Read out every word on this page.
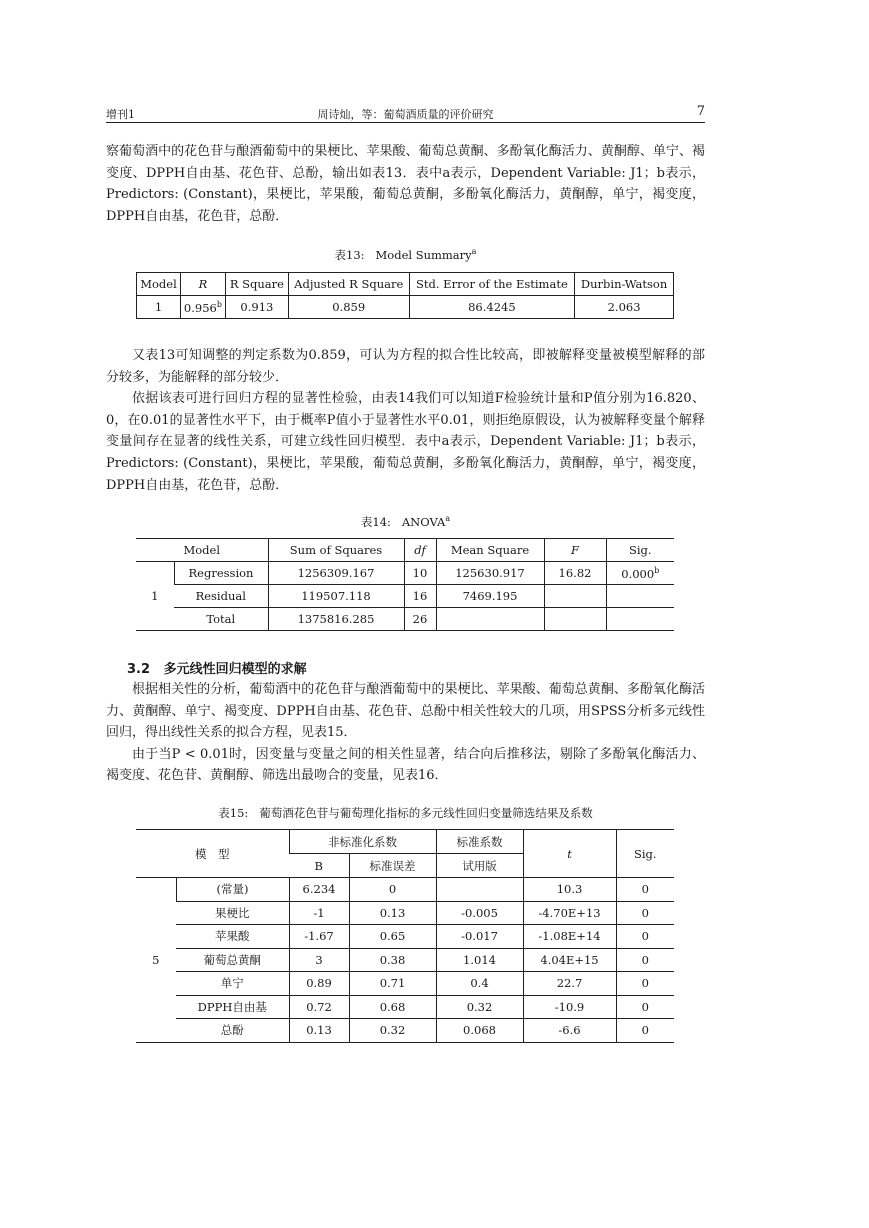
增刊1	周诗灿，等：葡萄酒质量的评价研究	7

察葡萄酒中的花色苷与酿酒葡萄中的果梗比、苹果酸、葡萄总黄酮、多酚氧化酶活力、黄酮醇、单宁、褐变度、DPPH自由基、花色苷、总酚，输出如表13．表中a表示，Dependent Variable: J1；b表示，Predictors: (Constant)，果梗比，苹果酸，葡萄总黄酮，多酚氧化酶活力，黄酮醇，单宁，褐变度，DPPH自由基，花色苷，总酚．

表13: Model Summary$^a$
Model	R	R Square	Adjusted R Square	Std. Error of the Estimate	Durbin-Watson
1	0.956$^b$	0.913	0.859	86.4245	2.063

又表13可知调整的判定系数为0.859，可认为方程的拟合性比较高，即被解释变量被模型解释的部分较多，为能解释的部分较少．

依据该表可进行回归方程的显著性检验，由表14我们可以知道F检验统计量和P值分别为16.820、0，在0.01的显著性水平下，由于概率P值小于显著性水平0.01，则拒绝原假设，认为被解释变量个解释变量间存在显著的线性关系，可建立线性回归模型．表中a表示，Dependent Variable: J1；b表示，Predictors: (Constant)，果梗比，苹果酸，葡萄总黄酮，多酚氧化酶活力，黄酮醇，单宁，褐变度，DPPH自由基，花色苷，总酚．

表14: ANOVA$^a$
Model		Sum of Squares	df	Mean Square	F	Sig.
1	Regression	1256309.167	10	125630.917	16.82	0.000$^b$
	Residual	119507.118	16	7469.195		
	Total	1375816.285	26			
3.2 多元线性回归模型的求解

根据相关性的分析，葡萄酒中的花色苷与酿酒葡萄中的果梗比、苹果酸、葡萄总黄酮、多酚氧化酶活力、黄酮醇、单宁、褐变度、DPPH自由基、花色苷、总酚中相关性较大的几项，用SPSS分析多元线性回归，得出线性关系的拟合方程，见表15．

由于当P < 0.01时，因变量与变量之间的相关性显著，结合向后推移法，剔除了多酚氧化酶活力、褐变度、花色苷、黄酮醇、筛选出最吻合的变量，见表16．

表15: 葡萄酒花色苷与葡萄理化指标的多元线性回归变量筛选结果及系数
模　型		非标准化系数		标准系数	t	Sig.
		B	标准误差	试用版		
5	(常量)	6.234	0		10.3	0
	果梗比	-1	0.13	-0.005	-4.70E+13	0
	苹果酸	-1.67	0.65	-0.017	-1.08E+14	0
	葡萄总黄酮	3	0.38	1.014	4.04E+15	0
	单宁	0.89	0.71	0.4	22.7	0
	DPPH自由基	0.72	0.68	0.32	-10.9	0
	总酚	0.13	0.32	0.068	-6.6	0
